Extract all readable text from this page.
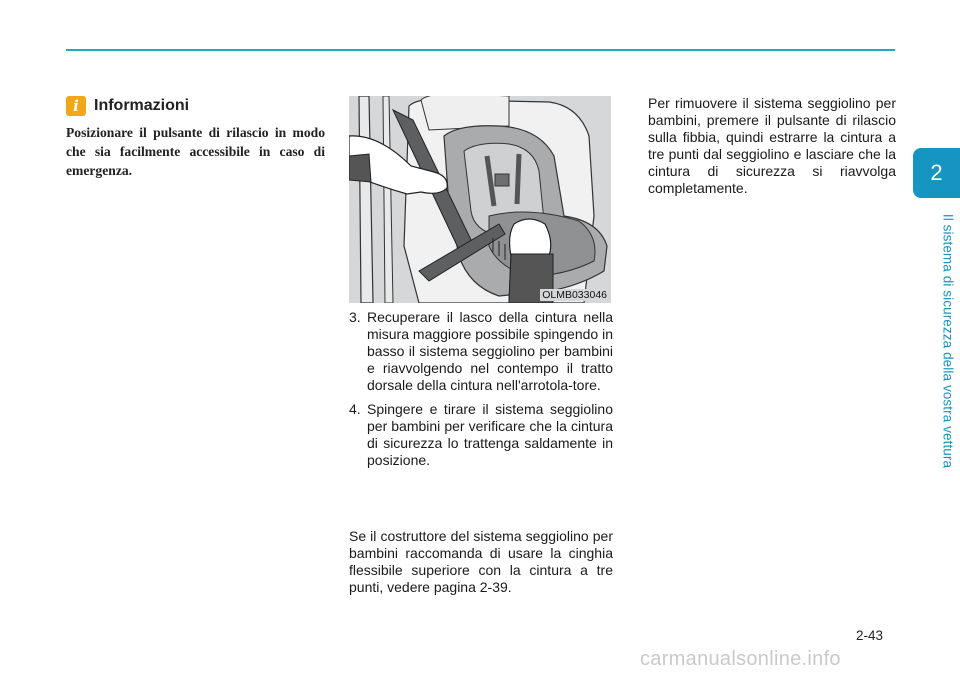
2
Il sistema di sicurezza della vostra vettura
i Informazioni
Posizionare il pulsante di rilascio in modo che sia facilmente accessibile in caso di emergenza.
OLMB033046
3. Recuperare il lasco della cintura nella misura maggiore possibile spingendo in basso il sistema seggiolino per bambini e riavvolgendo nel contempo il tratto dorsale della cintura nell'arrotola-tore.
4. Spingere e tirare il sistema seggiolino per bambini per verificare che la cintura di sicurezza lo trattenga saldamente in posizione.
Se il costruttore del sistema seggiolino per bambini raccomanda di usare la cinghia flessibile superiore con la cintura a tre punti, vedere pagina 2-39.
Per rimuovere il sistema seggiolino per bambini, premere il pulsante di rilascio sulla fibbia, quindi estrarre la cintura a tre punti dal seggiolino e lasciare che la cintura di sicurezza si riavvolga completamente.
2-43
carmanualsonline.info
